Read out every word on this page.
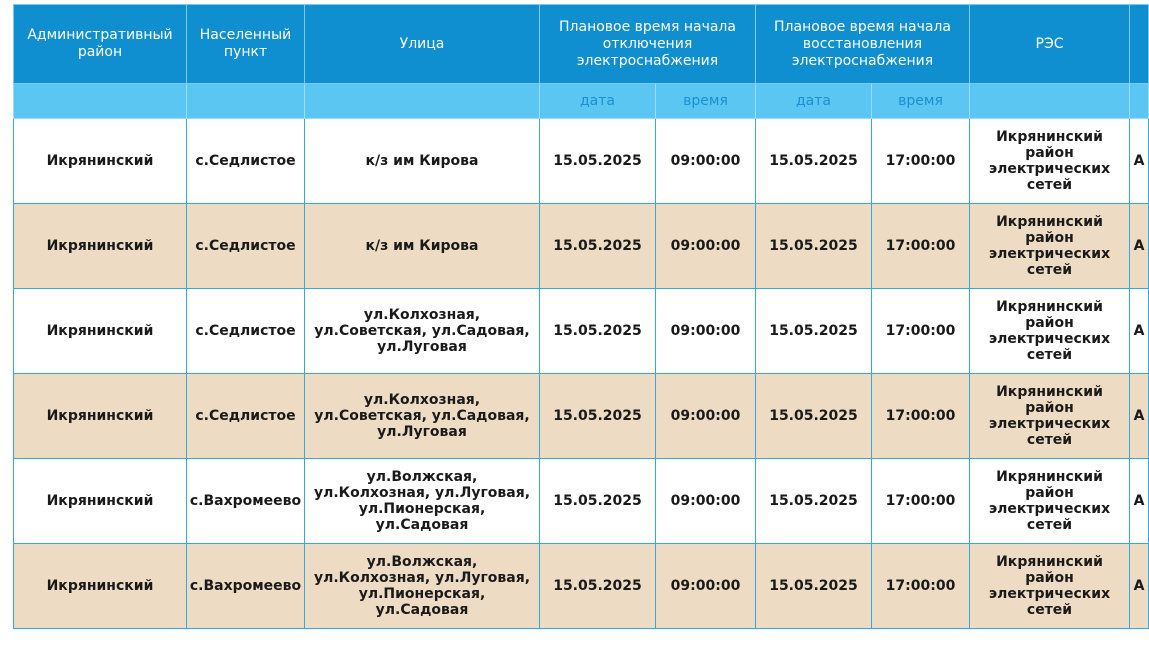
Административный район	Населенный пункт	Улица	Плановое время начала отключения электроснабжения		Плановое время начала восстановления электроснабжения		РЭС	
			дата	время	дата	время		
Икрянинский	с.Седлистое	к/з им Кирова	15.05.2025	09:00:00	15.05.2025	17:00:00	Икрянинский район электрических сетей	А
Икрянинский	с.Седлистое	к/з им Кирова	15.05.2025	09:00:00	15.05.2025	17:00:00	Икрянинский район электрических сетей	А
Икрянинский	с.Седлистое	ул.Колхозная, ул.Советская, ул.Садовая, ул.Луговая	15.05.2025	09:00:00	15.05.2025	17:00:00	Икрянинский район электрических сетей	А
Икрянинский	с.Седлистое	ул.Колхозная, ул.Советская, ул.Садовая, ул.Луговая	15.05.2025	09:00:00	15.05.2025	17:00:00	Икрянинский район электрических сетей	А
Икрянинский	с.Вахромеево	ул.Волжская, ул.Колхозная, ул.Луговая, ул.Пионерская, ул.Садовая	15.05.2025	09:00:00	15.05.2025	17:00:00	Икрянинский район электрических сетей	А
Икрянинский	с.Вахромеево	ул.Волжская, ул.Колхозная, ул.Луговая, ул.Пионерская, ул.Садовая	15.05.2025	09:00:00	15.05.2025	17:00:00	Икрянинский район электрических сетей	А
